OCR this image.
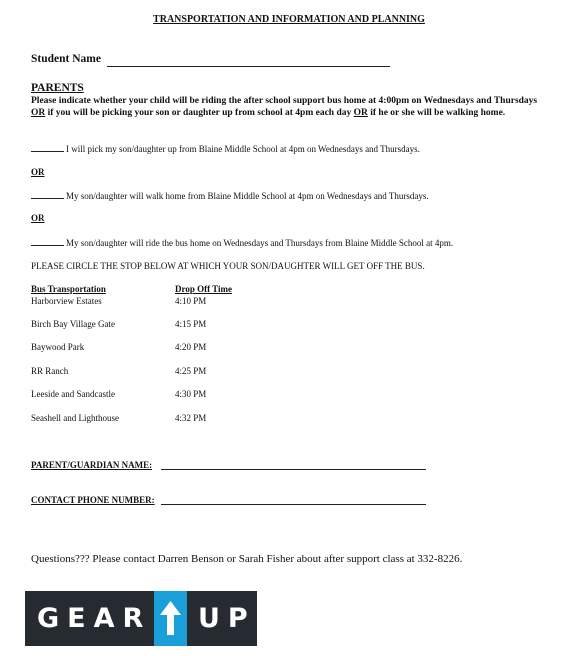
TRANSPORTATION AND INFORMATION AND PLANNING
Student Name
PARENTS
Please indicate whether your child will be riding the after school support bus home at 4:00pm on Wednesdays and Thursdays OR if you will be picking your son or daughter up from school at 4pm each day OR if he or she will be walking home.
I will pick my son/daughter up from Blaine Middle School at 4pm on Wednesdays and Thursdays.
OR
My son/daughter will walk home from Blaine Middle School at 4pm on Wednesdays and Thursdays.
OR
My son/daughter will ride the bus home on Wednesdays and Thursdays from Blaine Middle School at 4pm.
PLEASE CIRCLE THE STOP BELOW AT WHICH YOUR SON/DAUGHTER WILL GET OFF THE BUS.
Bus Transportation	Drop Off Time
Harborview Estates	4:10 PM
Birch Bay Village Gate	4:15 PM
Baywood Park	4:20 PM
RR Ranch	4:25 PM
Leeside and Sandcastle	4:30 PM
Seashell and Lighthouse	4:32 PM
PARENT/GUARDIAN NAME:
CONTACT PHONE NUMBER:
Questions??? Please contact Darren Benson or Sarah Fisher about after support class at 332-8226.
GEAR UP
